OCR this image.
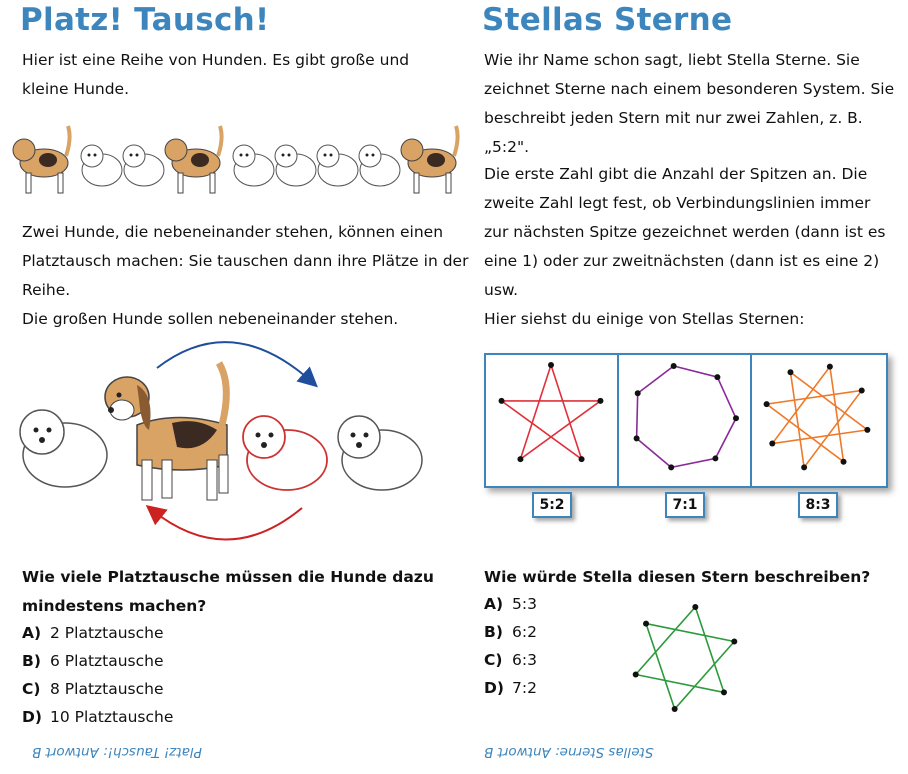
Platz! Tausch!
Hier ist eine Reihe von Hunden. Es gibt große und
kleine Hunde.
Zwei Hunde, die nebeneinander stehen, können einen
Platztausch machen: Sie tauschen dann ihre Plätze in der
Reihe.
Die großen Hunde sollen nebeneinander stehen.
Wie viele Platztausche müssen die Hunde dazu
mindestens machen?
A) 2 Platztausche
B) 6 Platztausche
C) 8 Platztausche
D) 10 Platztausche
Platz! Tausch!: Antwort B
Stellas Sterne
Wie ihr Name schon sagt, liebt Stella Sterne. Sie
zeichnet Sterne nach einem besonderen System. Sie
beschreibt jeden Stern mit nur zwei Zahlen, z. B.
„5:2".
Die erste Zahl gibt die Anzahl der Spitzen an. Die
zweite Zahl legt fest, ob Verbindungslinien immer
zur nächsten Spitze gezeichnet werden (dann ist es
eine 1) oder zur zweitnächsten (dann ist es eine 2)
usw.
Hier siehst du einige von Stellas Sternen:
5:2	7:1	8:3
Wie würde Stella diesen Stern beschreiben?
A) 5:3
B) 6:2
C) 6:3
D) 7:2
Stellas Sterne: Antwort B
